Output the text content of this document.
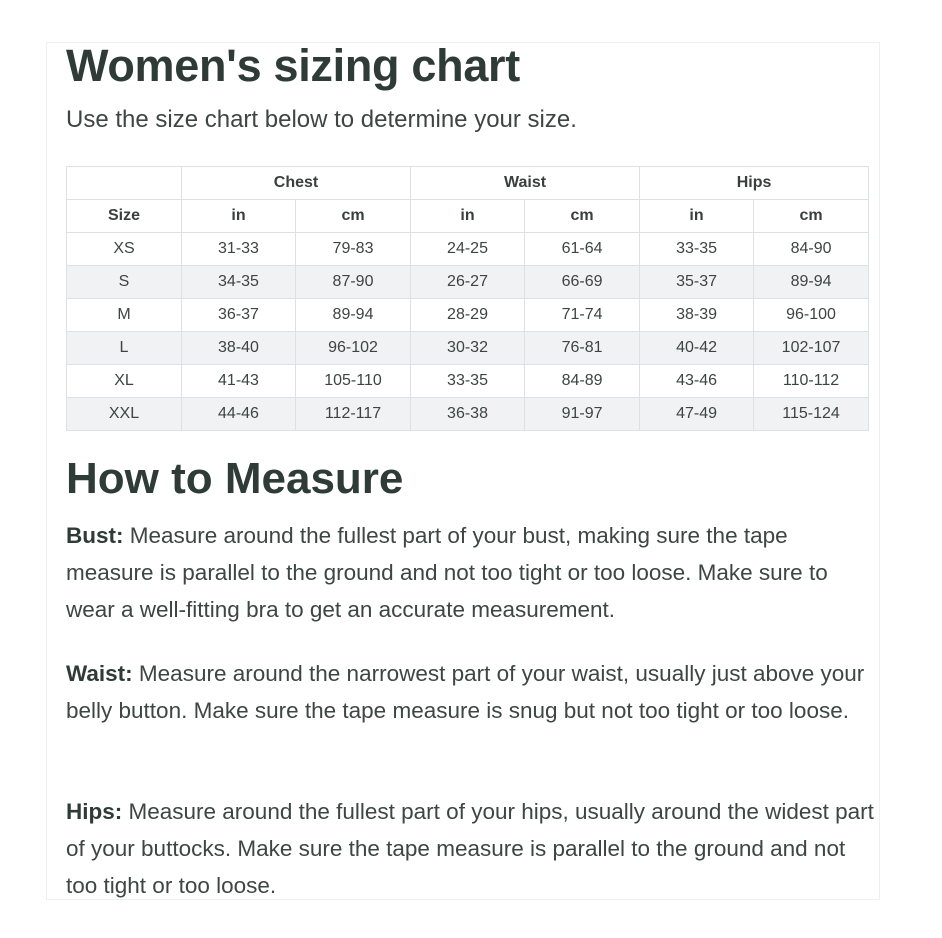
Women's sizing chart

Use the size chart below to determine your size.

	Chest		Waist		Hips	
Size	in	cm	in	cm	in	cm
XS	31-33	79-83	24-25	61-64	33-35	84-90
S	34-35	87-90	26-27	66-69	35-37	89-94
M	36-37	89-94	28-29	71-74	38-39	96-100
L	38-40	96-102	30-32	76-81	40-42	102-107
XL	41-43	105-110	33-35	84-89	43-46	110-112
XXL	44-46	112-117	36-38	91-97	47-49	115-124
How to Measure

Bust: Measure around the fullest part of your bust, making sure the tape measure is parallel to the ground and not too tight or too loose. Make sure to wear a well-fitting bra to get an accurate measurement.

Waist: Measure around the narrowest part of your waist, usually just above your belly button. Make sure the tape measure is snug but not too tight or too loose.

Hips: Measure around the fullest part of your hips, usually around the widest part of your buttocks. Make sure the tape measure is parallel to the ground and not too tight or too loose.
